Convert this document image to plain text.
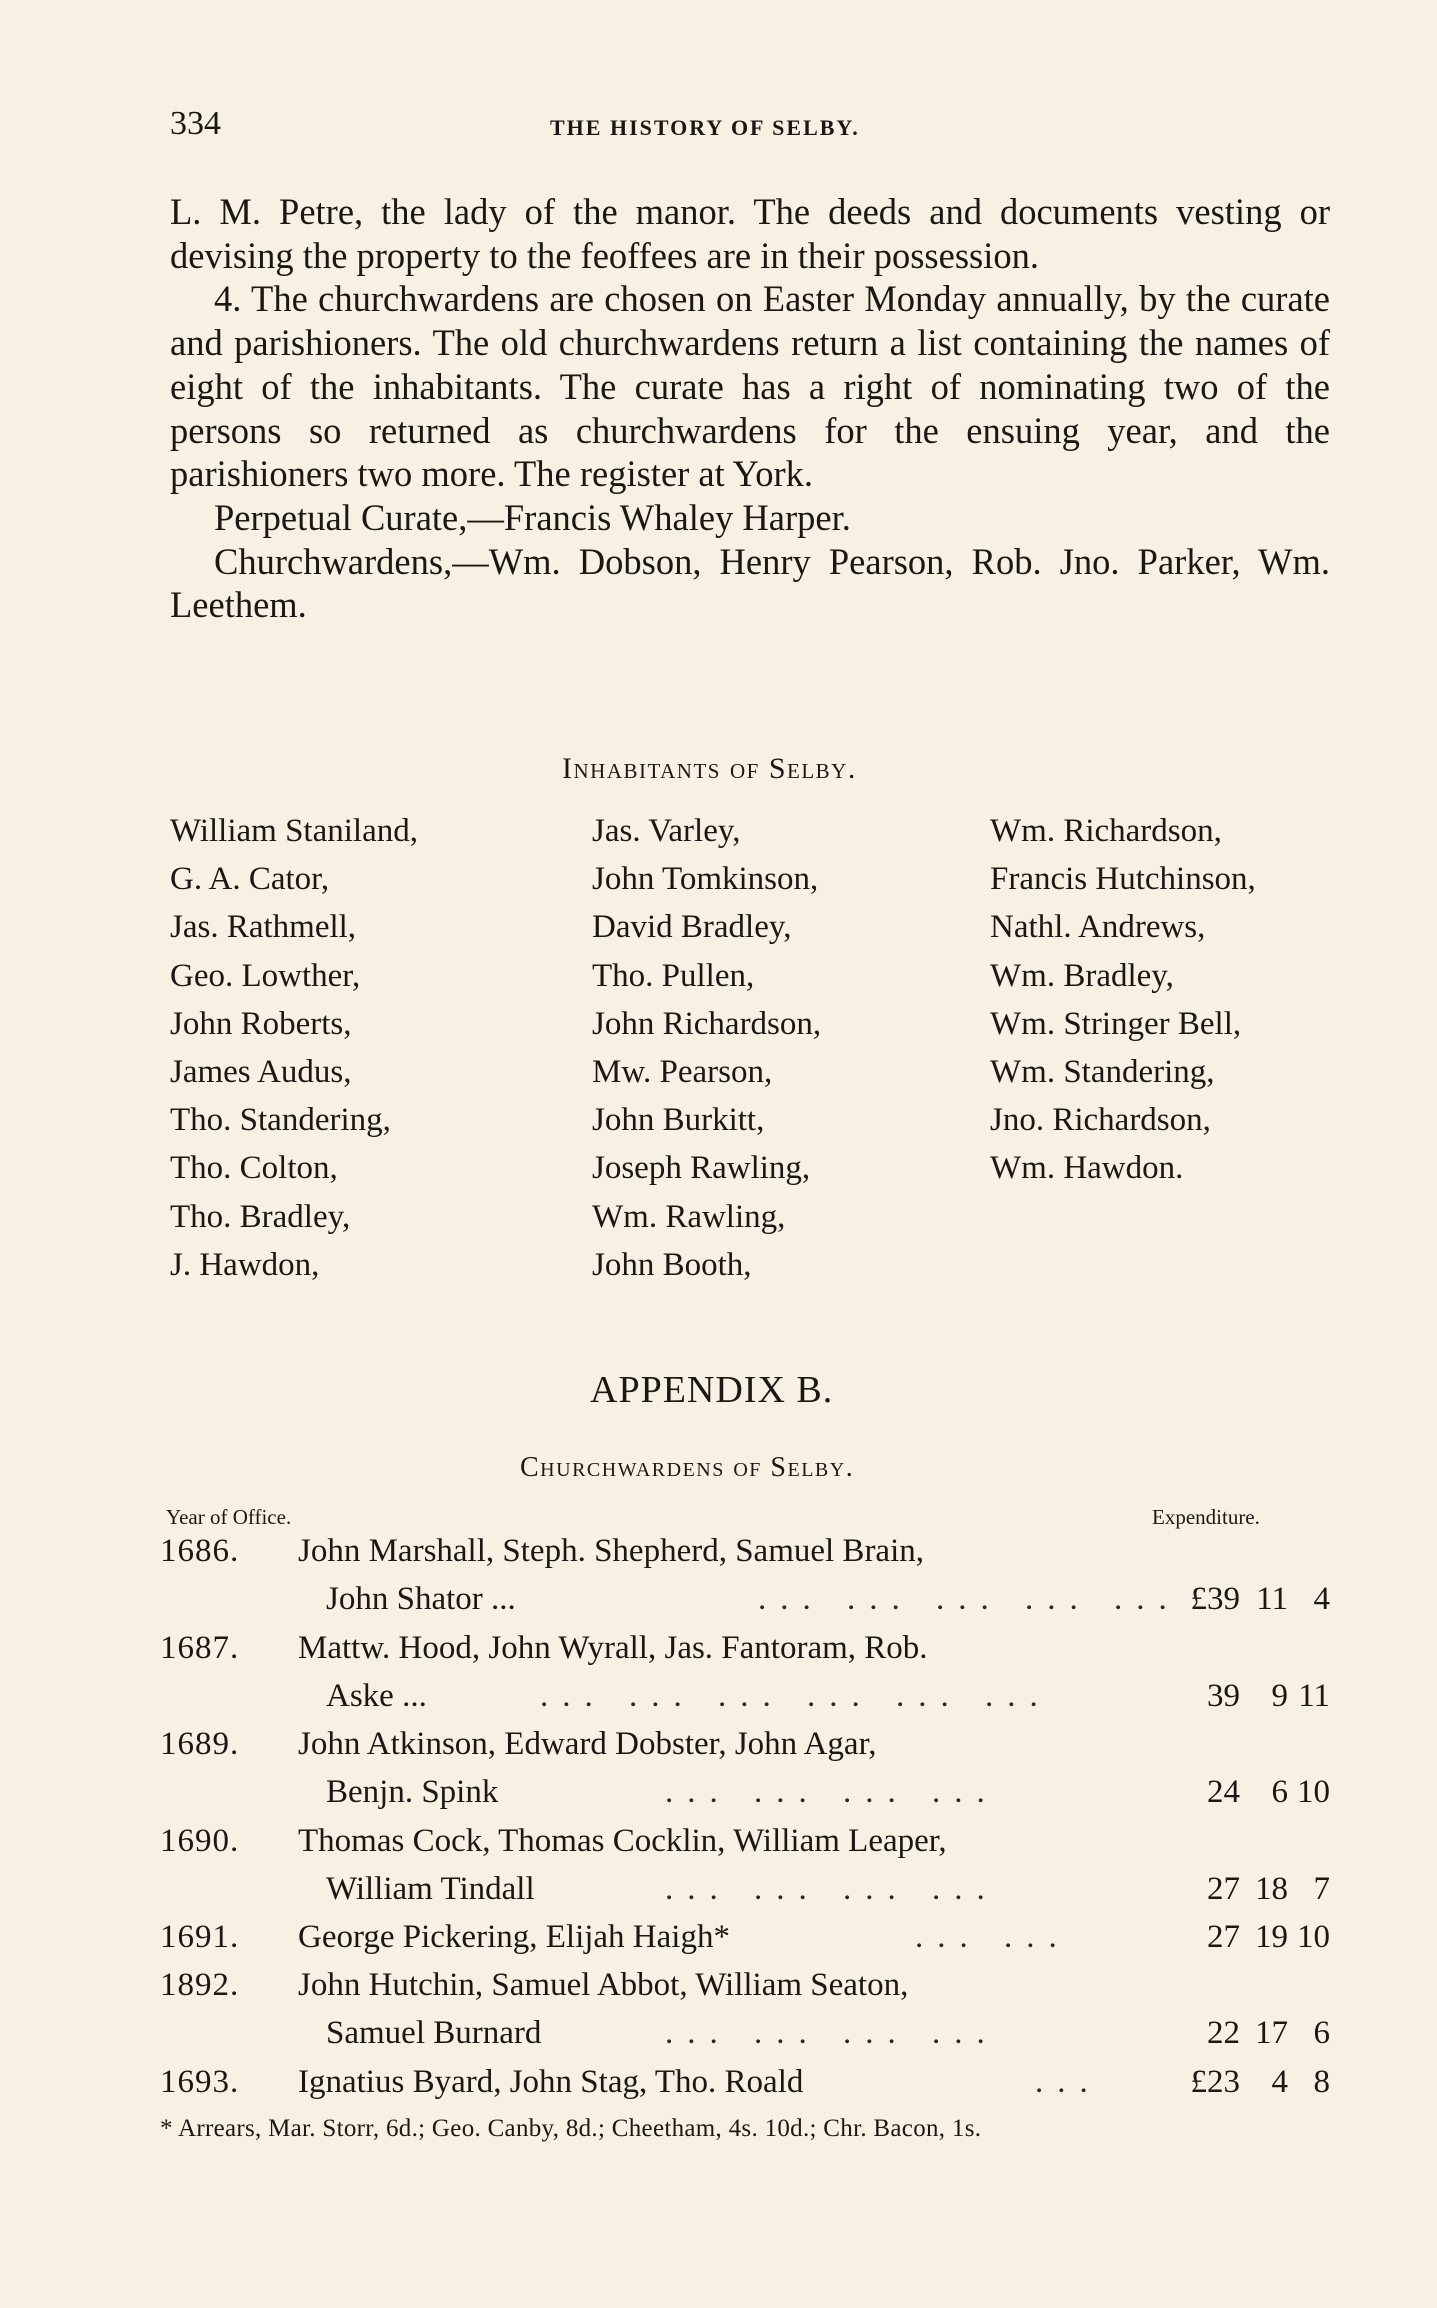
334	THE HISTORY OF SELBY.

L. M. Petre, the lady of the manor. The deeds and documents vesting or devising the property to the feoffees are in their possession.

4. The churchwardens are chosen on Easter Monday annually, by the curate and parishioners. The old churchwardens return a list containing the names of eight of the inhabitants. The curate has a right of nominating two of the persons so returned as churchwardens for the ensuing year, and the parishioners two more. The register at York.

Perpetual Curate,—Francis Whaley Harper.

Churchwardens,—Wm. Dobson, Henry Pearson, Rob. Jno. Parker, Wm. Leethem.

Inhabitants of Selby.
William Staniland,
G. A. Cator,
Jas. Rathmell,
Geo. Lowther,
John Roberts,
James Audus,
Tho. Standering,
Tho. Colton,
Tho. Bradley,
J. Hawdon,
Jas. Varley,
John Tomkinson,
David Bradley,
Tho. Pullen,
John Richardson,
Mw. Pearson,
John Burkitt,
Joseph Rawling,
Wm. Rawling,
John Booth,
Wm. Richardson,
Francis Hutchinson,
Nathl. Andrews,
Wm. Bradley,
Wm. Stringer Bell,
Wm. Standering,
Jno. Richardson,
Wm. Hawdon.
APPENDIX B.
Churchwardens of Selby.
Year of Office.	Expenditure.
1686. John Marshall, Steph. Shepherd, Samuel Brain,
John Shator ...	... ... ... ... ... £39 11 4
1687. Mattw. Hood, John Wyrall, Jas. Fantoram, Rob.
Aske ...	... ... ... ... ... ...	39 9 11
1689. John Atkinson, Edward Dobster, John Agar,
Benjn. Spink	... ... ... ...	24 6 10
1690. Thomas Cock, Thomas Cocklin, William Leaper,
William Tindall	... ... ... ...	27 18 7
1691. George Pickering, Elijah Haigh*	... ...	27 19 10
1892. John Hutchin, Samuel Abbot, William Seaton,
Samuel Burnard	... ... ... ...	22 17 6
1693. Ignatius Byard, John Stag, Tho. Roald	...	£23 4 8
* Arrears, Mar. Storr, 6d.; Geo. Canby, 8d.; Cheetham, 4s. 10d.; Chr. Bacon, 1s.
